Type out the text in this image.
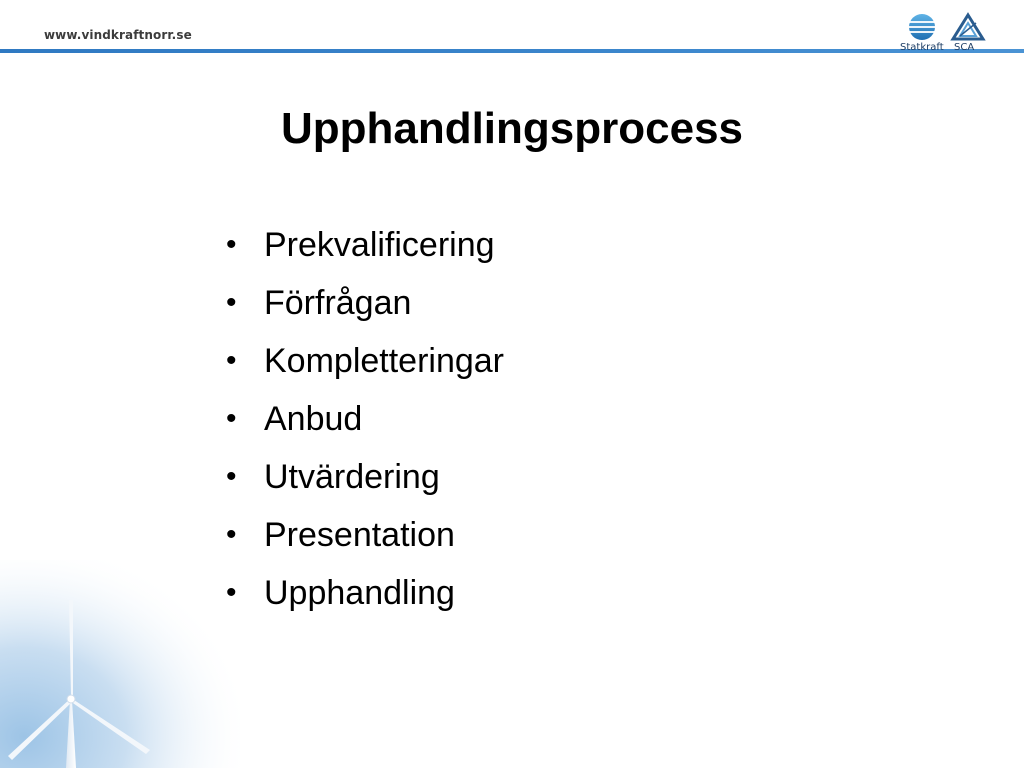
www.vindkraftnorr.se
Statkraft SCA
Upphandlingsprocess
• Prekvalificering
• Förfrågan
• Kompletteringar
• Anbud
• Utvärdering
• Presentation
Upphandling
